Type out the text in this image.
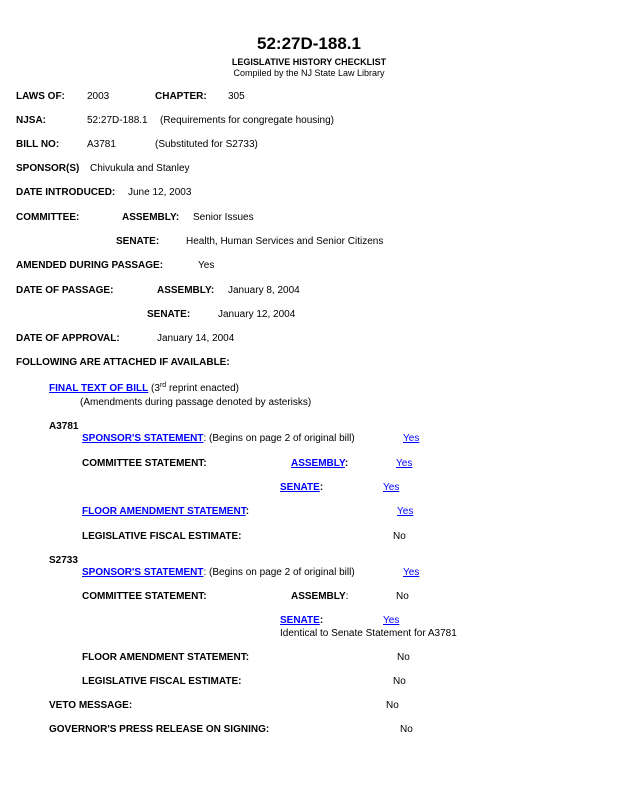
52:27D-188.1
LEGISLATIVE HISTORY CHECKLIST
Compiled by the NJ State Law Library
LAWS OF: 2003	CHAPTER: 305
NJSA:	52:27D-188.1 (Requirements for congregate housing)
BILL NO:	A3781	(Substituted for S2733)
SPONSOR(S) Chivukula and Stanley
DATE INTRODUCED: June 12, 2003
COMMITTEE:	ASSEMBLY: Senior Issues
SENATE:	Health, Human Services and Senior Citizens
AMENDED DURING PASSAGE:	Yes
DATE OF PASSAGE:	ASSEMBLY: January 8, 2004
SENATE:	January 12, 2004
DATE OF APPROVAL:	January 14, 2004
FOLLOWING ARE ATTACHED IF AVAILABLE:
FINAL TEXT OF BILL (3rd reprint enacted)
(Amendments during passage denoted by asterisks)
A3781
SPONSOR'S STATEMENT: (Begins on page 2 of original bill)	Yes
COMMITTEE STATEMENT:	ASSEMBLY:	Yes
SENATE:	Yes
FLOOR AMENDMENT STATEMENT:	Yes
LEGISLATIVE FISCAL ESTIMATE:	No
S2733
SPONSOR'S STATEMENT: (Begins on page 2 of original bill)	Yes
COMMITTEE STATEMENT:	ASSEMBLY:	No
SENATE:	Yes
Identical to Senate Statement for A3781
FLOOR AMENDMENT STATEMENT:	No
LEGISLATIVE FISCAL ESTIMATE:	No
VETO MESSAGE:	No
GOVERNOR'S PRESS RELEASE ON SIGNING:	No
